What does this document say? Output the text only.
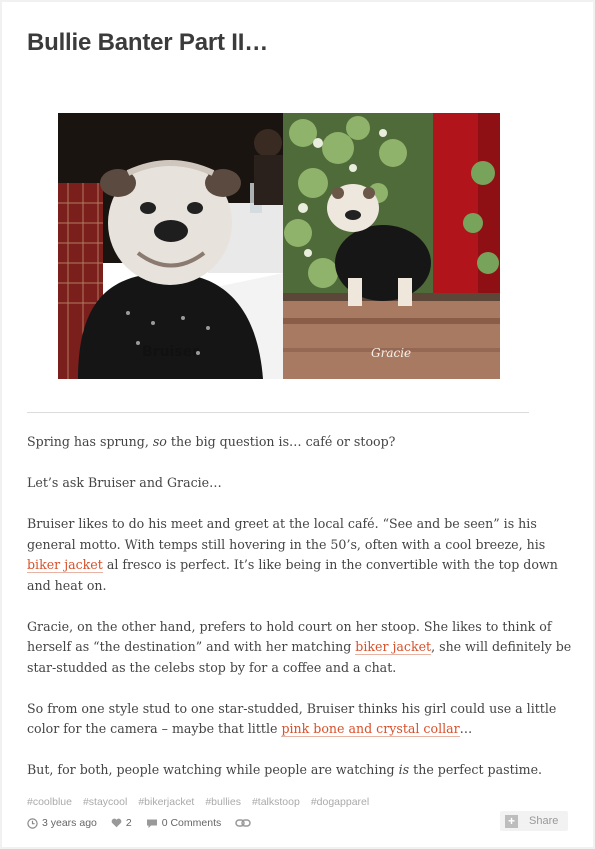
Bullie Banter Part II…
Bruiser	Gracie

Spring has sprung, so the big question is… café or stoop?

Let’s ask Bruiser and Gracie…

Bruiser likes to do his meet and greet at the local café. “See and be seen” is his general motto. With temps still hovering in the 50’s, often with a cool breeze, his biker jacket al fresco is perfect. It’s like being in the convertible with the top down and heat on.

Gracie, on the other hand, prefers to hold court on her stoop. She likes to think of herself as “the destination” and with her matching biker jacket, she will definitely be star-studded as the celebs stop by for a coffee and a chat.

So from one style stud to one star-studded, Bruiser thinks his girl could use a little color for the camera – maybe that little pink bone and crystal collar…

But, for both, people watching while people are watching is the perfect pastime.

#coolblue #staycool #bikerjacket #bullies #talkstoop #dogapparel
3 years ago	2	0 Comments	+ Share
